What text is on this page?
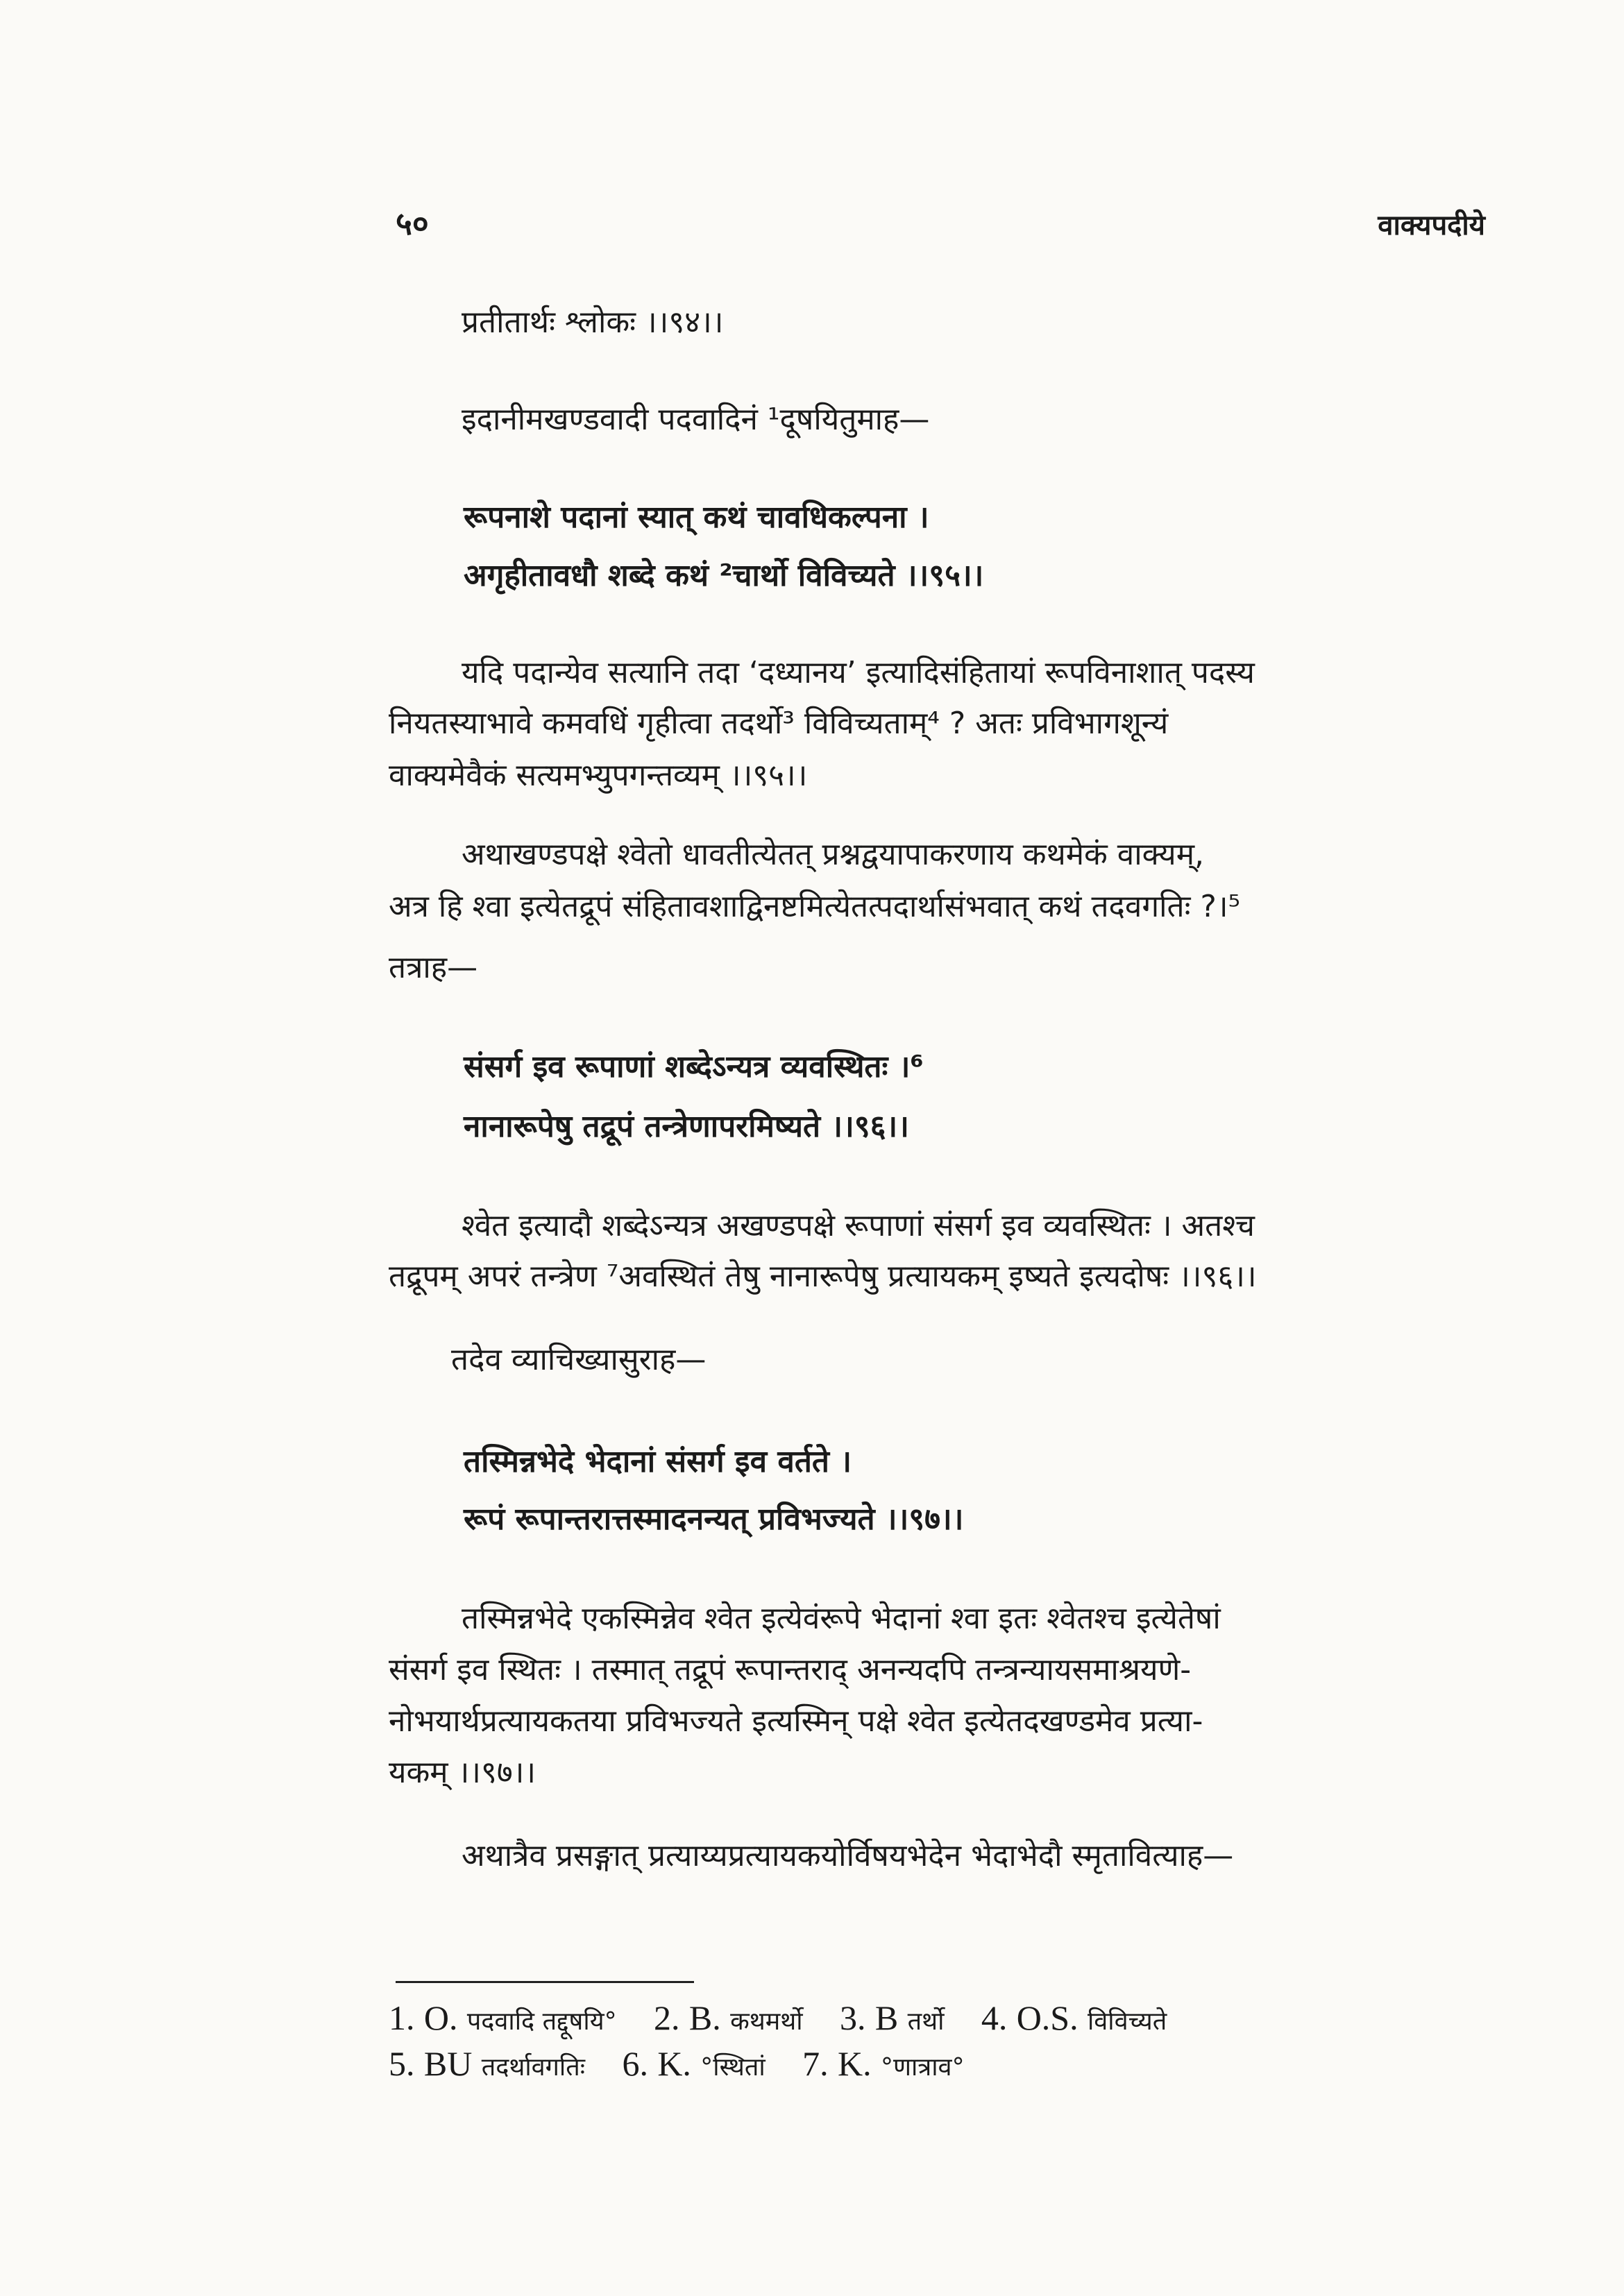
५०	वाक्यपदीये
प्रतीतार्थः श्लोकः ।।९४।।
इदानीमखण्डवादी पदवादिनं ¹दूषयितुमाह—
रूपनाशे पदानां स्यात् कथं चावधिकल्पना ।
अगृहीतावधौ शब्दे कथं ²चार्थो विविच्यते ।।९५।।
यदि पदान्येव सत्यानि तदा ‘दध्यानय’ इत्यादिसंहितायां रूपविनाशात् पदस्य
नियतस्याभावे कमवधिं गृहीत्वा तदर्थो³ विविच्यताम्⁴ ? अतः प्रविभागशून्यं
वाक्यमेवैकं सत्यमभ्युपगन्तव्यम् ।।९५।।
अथाखण्डपक्षे श्वेतो धावतीत्येतत् प्रश्नद्वयापाकरणाय कथमेकं वाक्यम्,
अत्र हि श्वा इत्येतद्रूपं संहितावशाद्विनष्टमित्येतत्पदार्थासंभवात् कथं तदवगतिः ?।⁵
तत्राह—
संसर्ग इव रूपाणां शब्देऽन्यत्र व्यवस्थितः ।⁶
नानारूपेषु तद्रूपं तन्त्रेणापरमिष्यते ।।९६।।
श्वेत इत्यादौ शब्देऽन्यत्र अखण्डपक्षे रूपाणां संसर्ग इव व्यवस्थितः । अतश्च
तद्रूपम् अपरं तन्त्रेण ⁷अवस्थितं तेषु नानारूपेषु प्रत्यायकम् इष्यते इत्यदोषः ।।९६।।
तदेव व्याचिख्यासुराह—
तस्मिन्नभेदे भेदानां संसर्ग इव वर्तते ।
रूपं रूपान्तरात्तस्मादनन्यत् प्रविभज्यते ।।९७।।
तस्मिन्नभेदे एकस्मिन्नेव श्वेत इत्येवंरूपे भेदानां श्वा इतः श्वेतश्च इत्येतेषां
संसर्ग इव स्थितः । तस्मात् तद्रूपं रूपान्तराद् अनन्यदपि तन्त्रन्यायसमाश्रयणे-
नोभयार्थप्रत्यायकतया प्रविभज्यते इत्यस्मिन् पक्षे श्वेत इत्येतदखण्डमेव प्रत्या-
यकम् ।।९७।।
अथात्रैव प्रसङ्गात् प्रत्याय्यप्रत्यायकयोर्विषयभेदेन भेदाभेदौ स्मृतावित्याह—
1. O. पदवादि तद्दूषयि° 2. B. कथमर्थो 3. B तर्थो 4. O.S. विविच्यते
5. BU तदर्थावगतिः 6. K. °स्थितां 7. K. °णात्राव°
